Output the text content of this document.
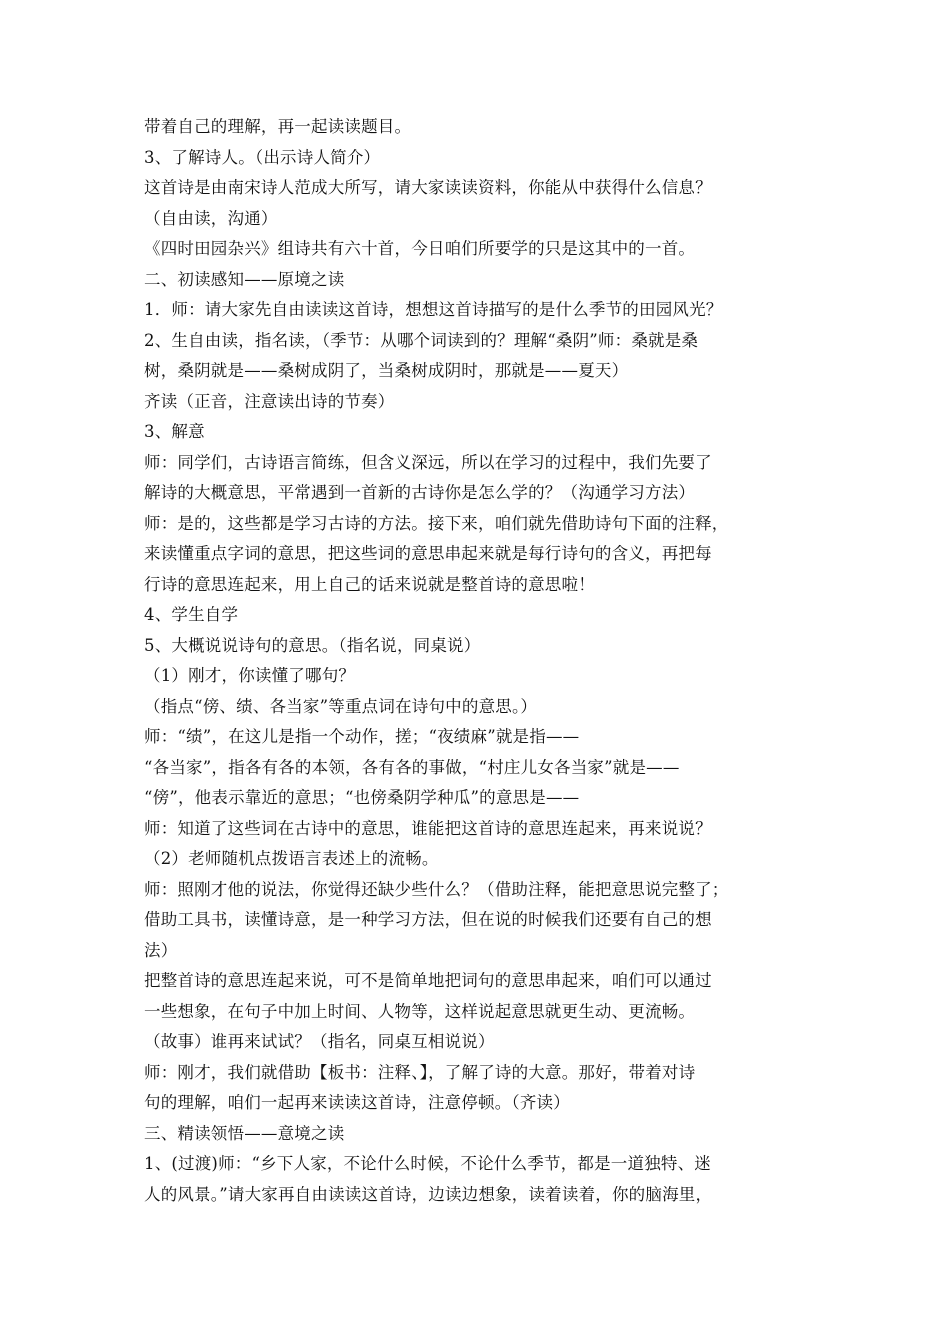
带着自己的理解，再一起读读题目。
3、了解诗人。（出示诗人简介）
这首诗是由南宋诗人范成大所写，请大家读读资料，你能从中获得什么信息？
（自由读，沟通）
《四时田园杂兴》组诗共有六十首，今日咱们所要学的只是这其中的一首。
二、初读感知——原境之读
1．师：请大家先自由读读这首诗，想想这首诗描写的是什么季节的田园风光？
2、生自由读，指名读，（季节：从哪个词读到的？理解“桑阴”师：桑就是桑
树，桑阴就是——桑树成阴了，当桑树成阴时，那就是——夏天）
齐读（正音，注意读出诗的节奏）
3、解意
师：同学们，古诗语言简练，但含义深远，所以在学习的过程中，我们先要了
解诗的大概意思，平常遇到一首新的古诗你是怎么学的？（沟通学习方法）
师：是的，这些都是学习古诗的方法。接下来，咱们就先借助诗句下面的注释，
来读懂重点字词的意思，把这些词的意思串起来就是每行诗句的含义，再把每
行诗的意思连起来，用上自己的话来说就是整首诗的意思啦！
4、学生自学
5、大概说说诗句的意思。（指名说，同桌说）
（1）刚才，你读懂了哪句？
（指点“傍、绩、各当家”等重点词在诗句中的意思。）
师：“绩”，在这儿是指一个动作，搓；“夜绩麻”就是指——
“各当家”，指各有各的本领，各有各的事做，“村庄儿女各当家”就是——
“傍”，他表示靠近的意思；“也傍桑阴学种瓜”的意思是——
师：知道了这些词在古诗中的意思，谁能把这首诗的意思连起来，再来说说？
（2）老师随机点拨语言表述上的流畅。
师：照刚才他的说法，你觉得还缺少些什么？（借助注释，能把意思说完整了；
借助工具书，读懂诗意，是一种学习方法，但在说的时候我们还要有自己的想
法）
把整首诗的意思连起来说，可不是简单地把词句的意思串起来，咱们可以通过
一些想象，在句子中加上时间、人物等，这样说起意思就更生动、更流畅。
（故事）谁再来试试？（指名，同桌互相说说）
师：刚才，我们就借助【板书：注释、】，了解了诗的大意。那好，带着对诗
句的理解，咱们一起再来读读这首诗，注意停顿。（齐读）
三、精读领悟——意境之读
1、(过渡)师：“乡下人家，不论什么时候，不论什么季节，都是一道独特、迷
人的风景。”请大家再自由读读这首诗，边读边想象，读着读着，你的脑海里，
